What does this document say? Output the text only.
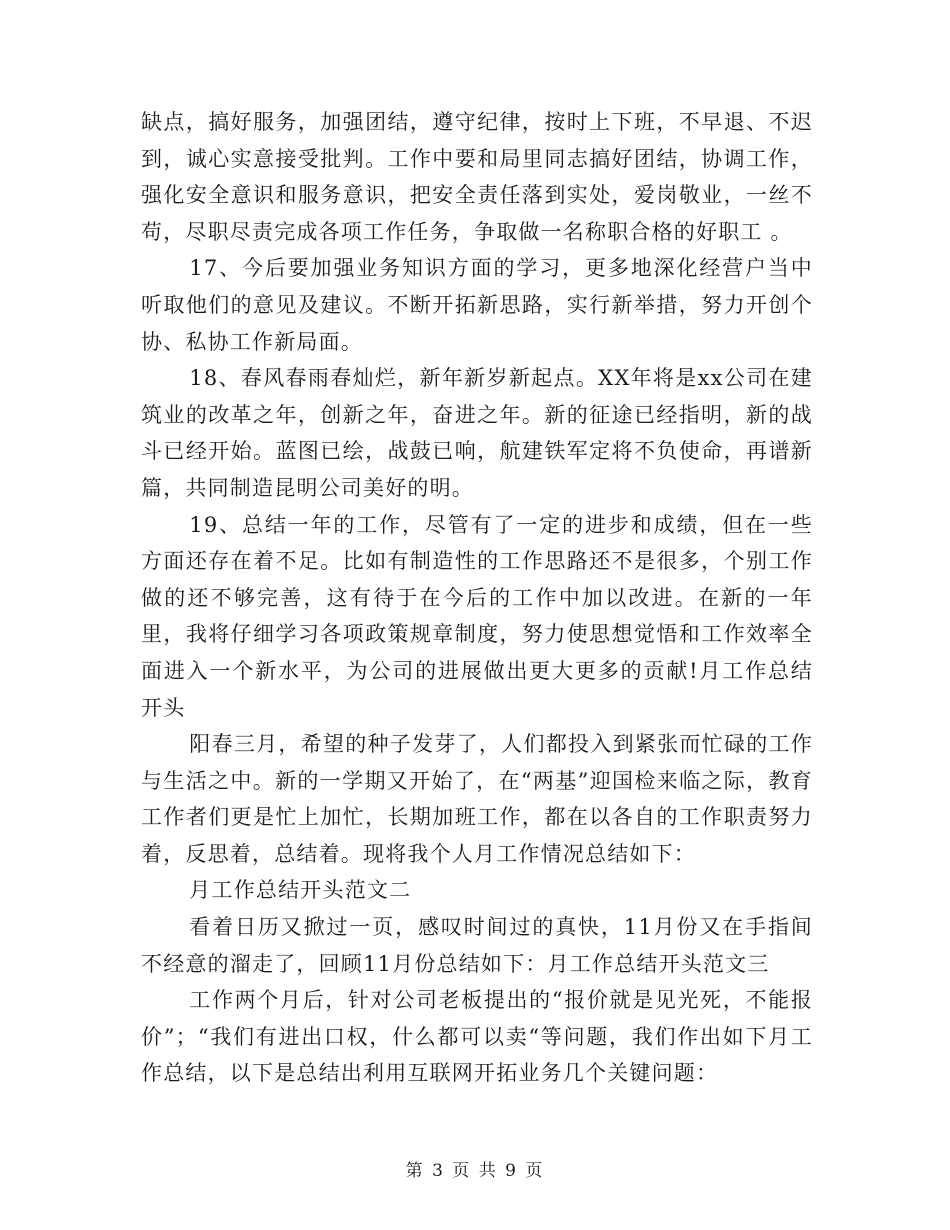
缺点，搞好服务，加强团结，遵守纪律，按时上下班，不早退、不迟到，诚心实意接受批判。工作中要和局里同志搞好团结，协调工作，强化安全意识和服务意识，把安全责任落到实处，爱岗敬业，一丝不苟，尽职尽责完成各项工作任务，争取做一名称职合格的好职工 。

17、今后要加强业务知识方面的学习，更多地深化经营户当中听取他们的意见及建议。不断开拓新思路，实行新举措，努力开创个协、私协工作新局面。

18、春风春雨春灿烂，新年新岁新起点。XX年将是xx公司在建筑业的改革之年，创新之年，奋进之年。新的征途已经指明，新的战斗已经开始。蓝图已绘，战鼓已响，航建铁军定将不负使命，再谱新篇，共同制造昆明公司美好的明。

19、总结一年的工作，尽管有了一定的进步和成绩，但在一些方面还存在着不足。比如有制造性的工作思路还不是很多，个别工作做的还不够完善，这有待于在今后的工作中加以改进。在新的一年里，我将仔细学习各项政策规章制度，努力使思想觉悟和工作效率全面进入一个新水平，为公司的进展做出更大更多的贡献!月工作总结开头

阳春三月，希望的种子发芽了，人们都投入到紧张而忙碌的工作与生活之中。新的一学期又开始了，在“两基”迎国检来临之际，教育工作者们更是忙上加忙，长期加班工作，都在以各自的工作职责努力着，反思着，总结着。现将我个人月工作情况总结如下：

月工作总结开头范文二

看着日历又掀过一页，感叹时间过的真快，11月份又在手指间不经意的溜走了，回顾11月份总结如下：月工作总结开头范文三

工作两个月后，针对公司老板提出的“报价就是见光死，不能报价”；“我们有进出口权，什么都可以卖“等问题，我们作出如下月工作总结，以下是总结出利用互联网开拓业务几个关键问题：

第 3 页 共 9 页
